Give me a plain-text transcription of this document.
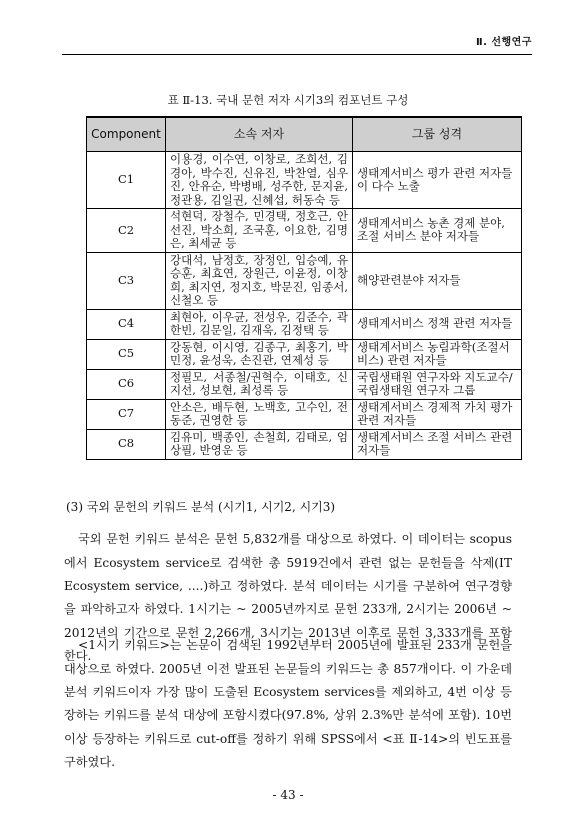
Ⅱ. 선행연구
표 Ⅱ-13. 국내 문헌 저자 시기3의 컴포넌트 구성
Component	소속 저자	그룹 성격
C1	이용경, 이수연, 이창로, 조희선, 김경아, 박수진, 신유진, 박찬열, 심우진, 안유순, 박병배, 성주한, 문지윤, 정관용, 김일권, 신혜섭, 허동숙 등	생태계서비스 평가 관련 저자들이 다수 노출
C2	석현덕, 장철수, 민경택, 정호근, 안선진, 박소희, 조국훈, 이요한, 김명은, 최세균 등	생태계서비스 농촌 경제 분야, 조절 서비스 분야 저자들
C3	강대석, 남정호, 장정인, 입승예, 유승훈, 최효연, 장원근, 이윤정, 이창희, 최지연, 정지호, 박문진, 임종서, 신철오 등	해양관련분야 저자들
C4	최현아, 이우균, 전성우, 김준수, 곽한빈, 김문일, 김재욱, 김정택 등	생태계서비스 정책 관련 저자들
C5	강동현, 이시영, 김종구, 최홍기, 박민정, 윤성욱, 손진관, 연제성 등	생태계서비스 농림과학(조절서비스) 관련 저자들
C6	정필모, 서종철/권혁수, 이태호, 신지선, 성보현, 최성록 등	국립생태원 연구자와 지도교수/ 국립생태원 연구자 그룹
C7	안소은, 배두현, 노백호, 고수인, 전동준, 권영한 등	생태계서비스 경제적 가치 평가 관련 저자들
C8	김유미, 백종인, 손철희, 김태로, 엄상필, 반영운 등	생태계서비스 조절 서비스 관련 저자들
(3) 국외 문헌의 키워드 분석 (시기1, 시기2, 시기3)

국외 문헌 키워드 분석은 문헌 5,832개를 대상으로 하였다. 이 데이터는 scopus에서 Ecosystem service로 검색한 총 5919건에서 관련 없는 문헌들을 삭제(IT Ecosystem service, ....)하고 정하였다. 분석 데이터는 시기를 구분하여 연구경향을 파악하고자 하였다. 1시기는 ~ 2005년까지로 문헌 233개, 2시기는 2006년 ~ 2012년의 기간으로 문헌 2,266개, 3시기는 2013년 이후로 문헌 3,333개를 포함한다.

<1시기 키워드>는 논문이 검색된 1992년부터 2005년에 발표된 233개 문헌을 대상으로 하였다. 2005년 이전 발표된 논문들의 키워드는 총 857개이다. 이 가운데 분석 키워드이자 가장 많이 도출된 Ecosystem services를 제외하고, 4번 이상 등장하는 키워드를 분석 대상에 포함시켰다(97.8%, 상위 2.3%만 분석에 포함). 10번 이상 등장하는 키워드로 cut-off를 정하기 위해 SPSS에서 <표 Ⅱ-14>의 빈도표를 구하였다.

- 43 -
